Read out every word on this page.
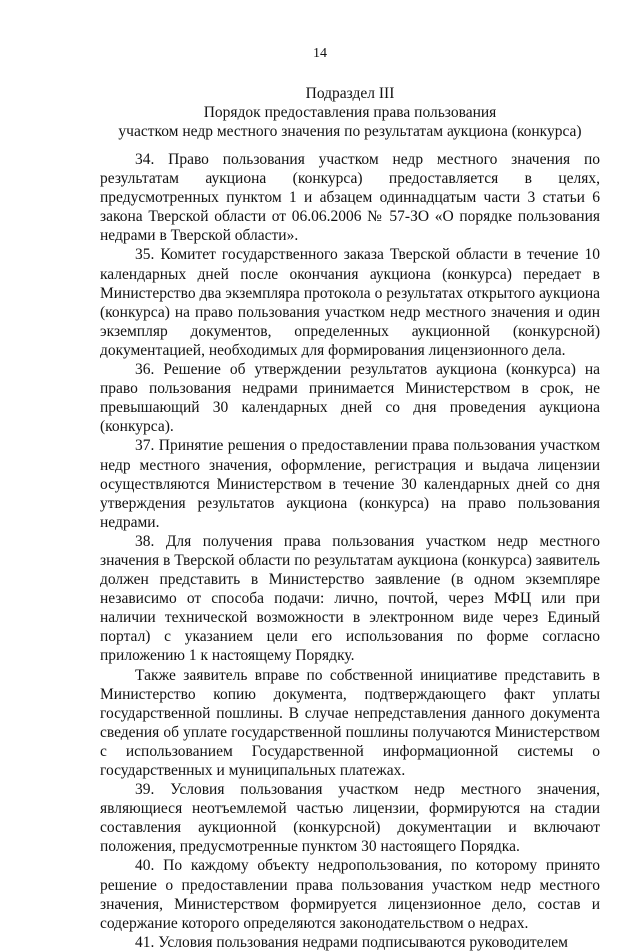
14
Подраздел III
Порядок предоставления права пользования
участком недр местного значения по результатам аукциона (конкурса)

34. Право пользования участком недр местного значения по результатам аукциона (конкурса) предоставляется в целях, предусмотренных пунктом 1 и абзацем одиннадцатым части 3 статьи 6 закона Тверской области от 06.06.2006 № 57-ЗО «О порядке пользования недрами в Тверской области».

35. Комитет государственного заказа Тверской области в течение 10 календарных дней после окончания аукциона (конкурса) передает в Министерство два экземпляра протокола о результатах открытого аукциона (конкурса) на право пользования участком недр местного значения и один экземпляр документов, определенных аукционной (конкурсной) документацией, необходимых для формирования лицензионного дела.

36. Решение об утверждении результатов аукциона (конкурса) на право пользования недрами принимается Министерством в срок, не превышающий 30 календарных дней со дня проведения аукциона (конкурса).

37. Принятие решения о предоставлении права пользования участком недр местного значения, оформление, регистрация и выдача лицензии осуществляются Министерством в течение 30 календарных дней со дня утверждения результатов аукциона (конкурса) на право пользования недрами.

38. Для получения права пользования участком недр местного значения в Тверской области по результатам аукциона (конкурса) заявитель должен представить в Министерство заявление (в одном экземпляре независимо от способа подачи: лично, почтой, через МФЦ или при наличии технической возможности в электронном виде через Единый портал) с указанием цели его использования по форме согласно приложению 1 к настоящему Порядку.

Также заявитель вправе по собственной инициативе представить в Министерство копию документа, подтверждающего факт уплаты государственной пошлины. В случае непредставления данного документа сведения об уплате государственной пошлины получаются Министерством с использованием Государственной информационной системы о государственных и муниципальных платежах.

39. Условия пользования участком недр местного значения, являющиеся неотъемлемой частью лицензии, формируются на стадии составления аукционной (конкурсной) документации и включают положения, предусмотренные пунктом 30 настоящего Порядка.

40. По каждому объекту недропользования, по которому принято решение о предоставлении права пользования участком недр местного значения, Министерством формируется лицензионное дело, состав и содержание которого определяются законодательством о недрах.

41. Условия пользования недрами подписываются руководителем
